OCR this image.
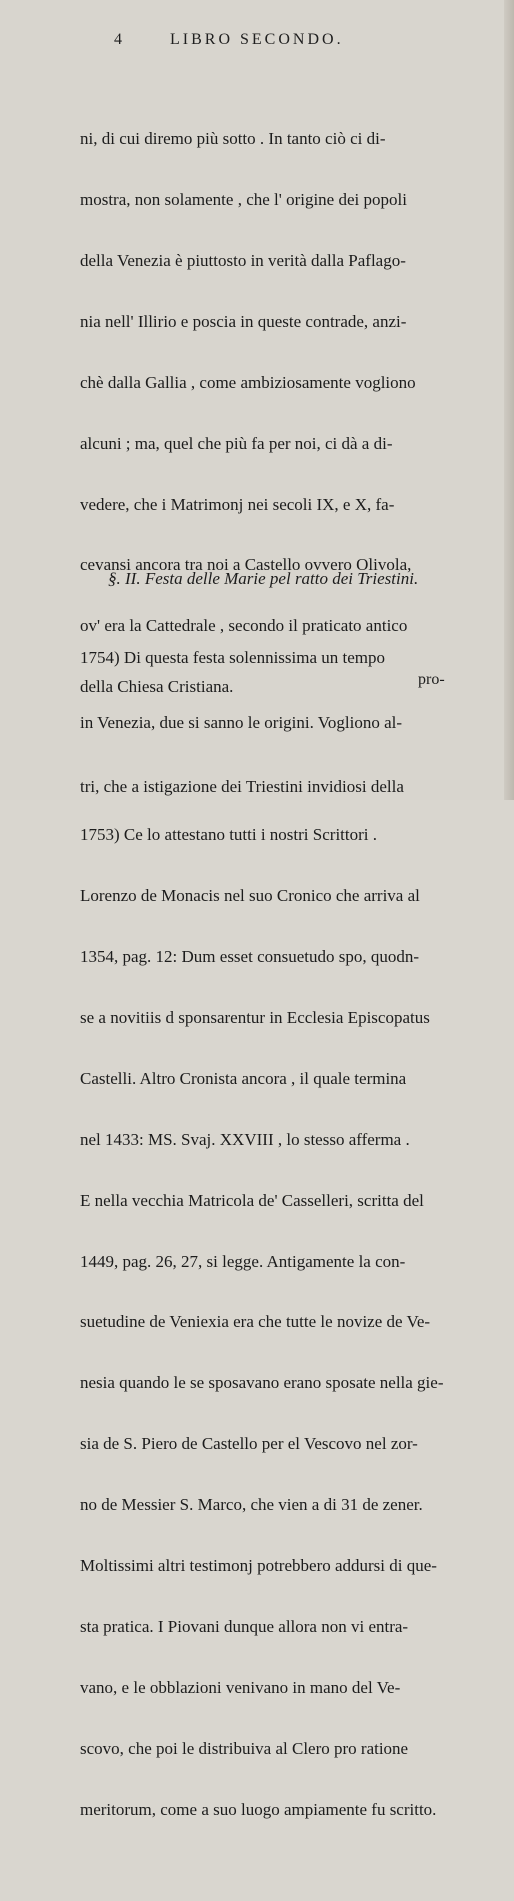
4	LIBRO SECONDO.

ni, di cui diremo più sotto . In tanto ciò ci di-

mostra, non solamente , che l' origine dei popoli

della Venezia è piuttosto in verità dalla Paflago-

nia nell' Illirio e poscia in queste contrade, anzi-

chè dalla Gallia , come ambiziosamente vogliono

alcuni ; ma, quel che più fa per noi, ci dà a di-

vedere, che i Matrimonj nei secoli IX, e X, fa-

cevansi ancora tra noi a Castello ovvero Olivola,

ov' era la Cattedrale , secondo il praticato antico

della Chiesa Cristiana.

1753) Ce lo attestano tutti i nostri Scrittori .

Lorenzo de Monacis nel suo Cronico che arriva al

1354, pag. 12: Dum esset consuetudo spo, quodn-

se a novitiis d sponsarentur in Ecclesia Episcopatus

Castelli. Altro Cronista ancora , il quale termina

nel 1433: MS. Svaj. XXVIII , lo stesso afferma .

E nella vecchia Matricola de' Casselleri, scritta del

1449, pag. 26, 27, si legge. Antigamente la con-

suetudine de Veniexia era che tutte le novize de Ve-

nesia quando le se sposavano erano sposate nella gie-

sia de S. Piero de Castello per el Vescovo nel zor-

no de Messier S. Marco, che vien a di 31 de zener.

Moltissimi altri testimonj potrebbero addursi di que-

sta pratica. I Piovani dunque allora non vi entra-

vano, e le obblazioni venivano in mano del Ve-

scovo, che poi le distribuiva al Clero pro ratione

meritorum, come a suo luogo ampiamente fu scritto.

§. II. Festa delle Marie pel ratto dei Triestini.

1754) Di questa festa solennissima un tempo

in Venezia, due si sanno le origini. Vogliono al-

tri, che a istigazione dei Triestini invidiosi della

pro-
